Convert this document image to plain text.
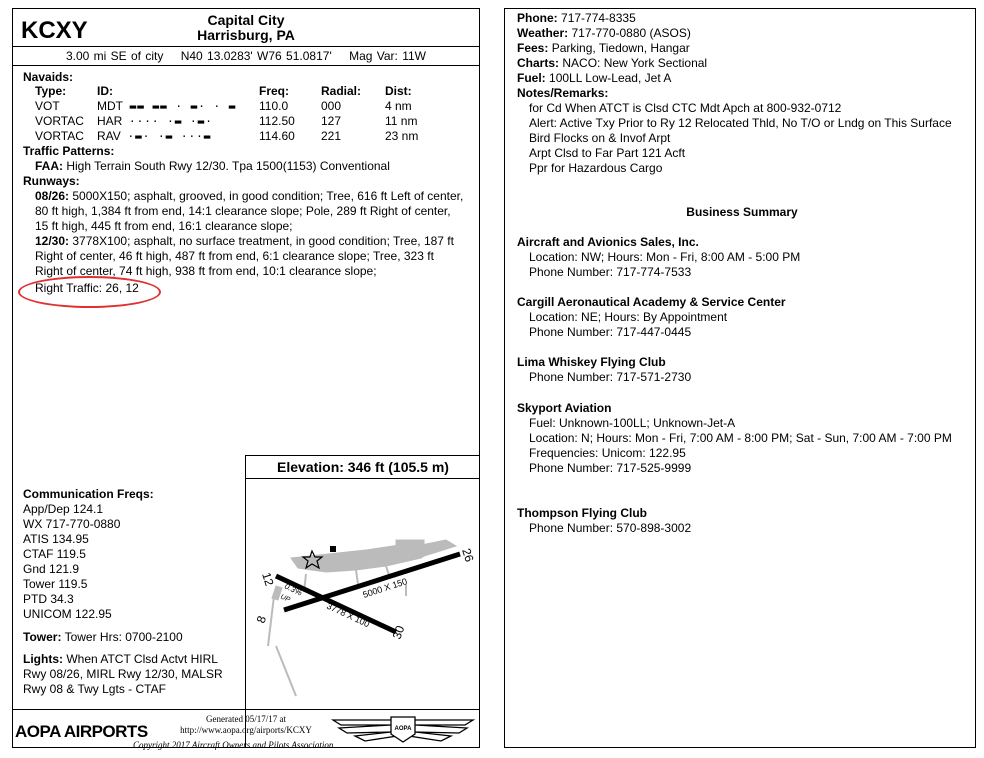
KCXY	Capital City
Harrisburg, PA
3.00 mi SE of city N40 13.0283' W76 51.0817' Mag Var: 11W
Navaids:
Type:	ID:	Freq:	Radial:	Dist:
VOT	MDT ▬▬ ▬▬ · ▬· · ▬	110.0	000	4 nm
VORTAC	HAR ···· ·▬ ·▬·	112.50	127	11 nm
VORTAC	RAV ·▬· ·▬ ···▬	114.60	221	23 nm
Traffic Patterns:
FAA: High Terrain South Rwy 12/30. Tpa 1500(1153) Conventional
Runways:
08/26: 5000X150; asphalt, grooved, in good condition; Tree, 616 ft Left of center, 80 ft high, 1,384 ft from end, 14:1 clearance slope; Pole, 289 ft Right of center, 15 ft high, 445 ft from end, 16:1 clearance slope;
12/30: 3778X100; asphalt, no surface treatment, in good condition; Tree, 187 ft Right of center, 46 ft high, 487 ft from end, 6:1 clearance slope; Tree, 323 ft Right of center, 74 ft high, 938 ft from end, 10:1 clearance slope;
Right Traffic: 26, 12
Elevation: 346 ft (105.5 m)
26
12
8
30
5000 X 150
3778 X 100
0.3%
UP
Communication Freqs:
App/Dep 124.1
WX 717-770-0880
ATIS 134.95
CTAF 119.5
Gnd 121.9
Tower 119.5
PTD 34.3
UNICOM 122.95
Tower: Tower Hrs: 0700-2100
Lights: When ATCT Clsd Actvt HIRL
Rwy 08/26, MIRL Rwy 12/30, MALSR
Rwy 08 & Twy Lgts - CTAF
AOPA AIRPORTS
Generated 05/17/17 at
http://www.aopa.org/airports/KCXY
Copyright 2017 Aircraft Owners and Pilots Association
AOPA
Phone: 717-774-8335
Weather: 717-770-0880 (ASOS)
Fees: Parking, Tiedown, Hangar
Charts: NACO: New York Sectional
Fuel: 100LL Low-Lead, Jet A
Notes/Remarks:
for Cd When ATCT is Clsd CTC Mdt Apch at 800-932-0712
Alert: Active Txy Prior to Ry 12 Relocated Thld, No T/O or Lndg on This Surface
Bird Flocks on & Invof Arpt
Arpt Clsd to Far Part 121 Acft
Ppr for Hazardous Cargo
Business Summary
Aircraft and Avionics Sales, Inc.
Location: NW; Hours: Mon - Fri, 8:00 AM - 5:00 PM
Phone Number: 717-774-7533
Cargill Aeronautical Academy & Service Center
Location: NE; Hours: By Appointment
Phone Number: 717-447-0445
Lima Whiskey Flying Club
Phone Number: 717-571-2730
Skyport Aviation
Fuel: Unknown-100LL; Unknown-Jet-A
Location: N; Hours: Mon - Fri, 7:00 AM - 8:00 PM; Sat - Sun, 7:00 AM - 7:00 PM
Frequencies: Unicom: 122.95
Phone Number: 717-525-9999
Thompson Flying Club
Phone Number: 570-898-3002
